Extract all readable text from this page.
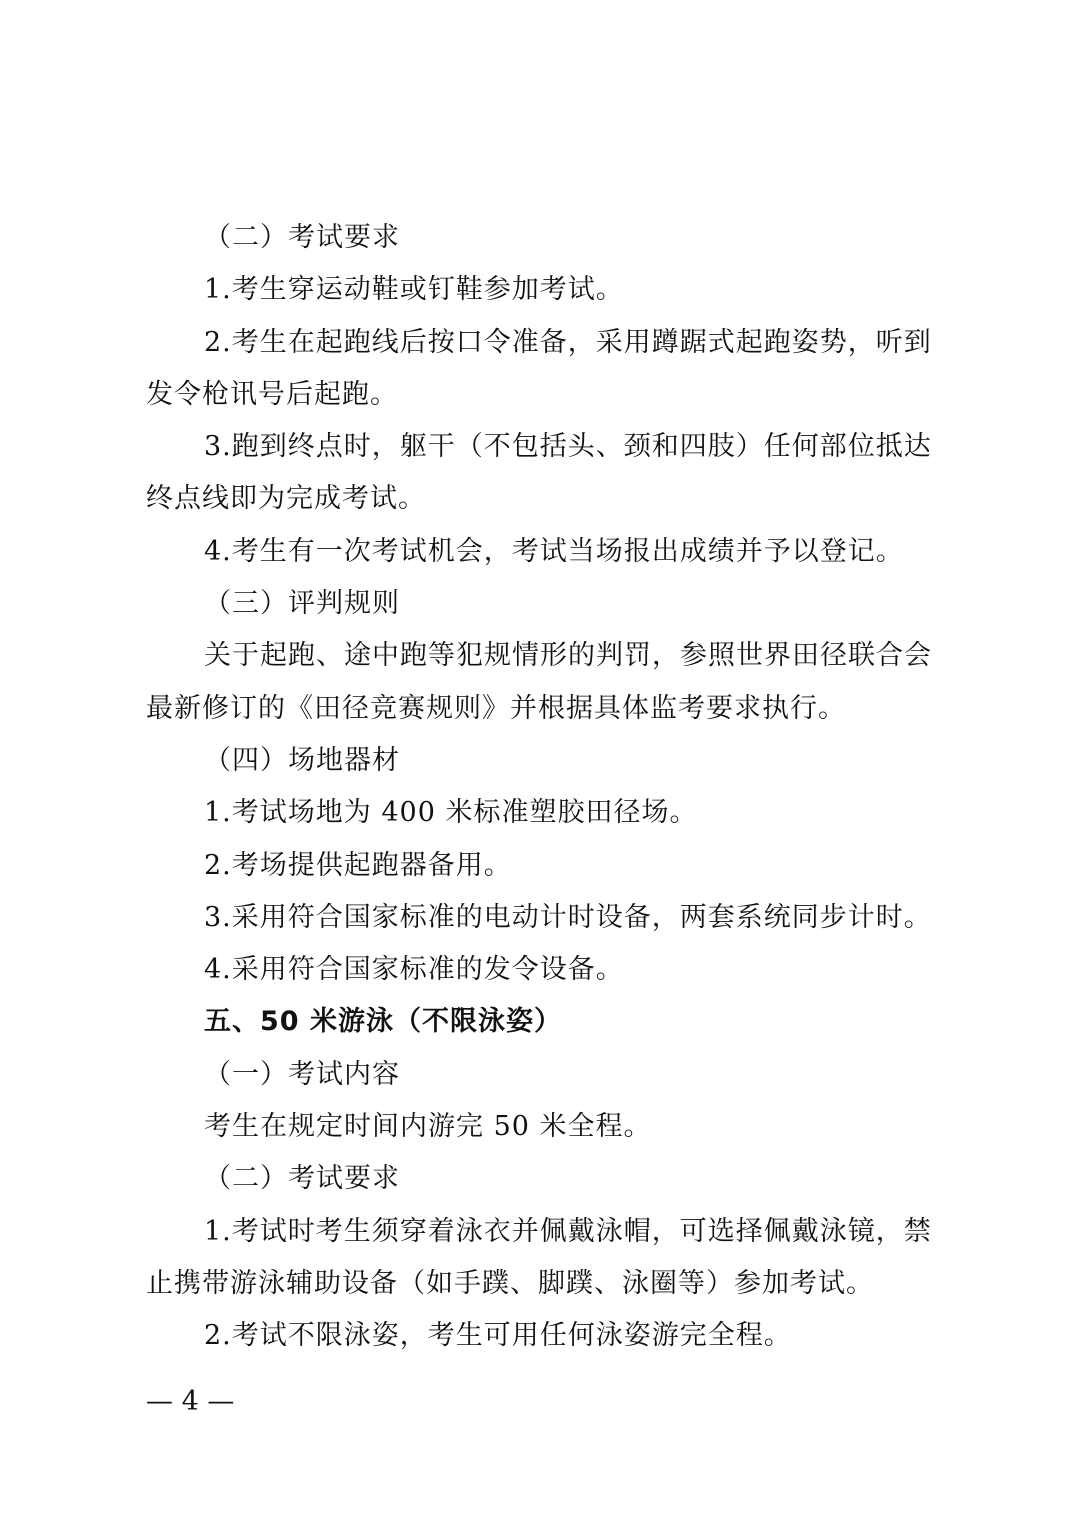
（二）考试要求

1.考生穿运动鞋或钉鞋参加考试。

2.考生在起跑线后按口令准备，采用蹲踞式起跑姿势，听到

发令枪讯号后起跑。

3.跑到终点时，躯干（不包括头、颈和四肢）任何部位抵达

终点线即为完成考试。

4.考生有一次考试机会，考试当场报出成绩并予以登记。

（三）评判规则

关于起跑、途中跑等犯规情形的判罚，参照世界田径联合会

最新修订的《田径竞赛规则》并根据具体监考要求执行。

（四）场地器材

1.考试场地为 400 米标准塑胶田径场。

2.考场提供起跑器备用。

3.采用符合国家标准的电动计时设备，两套系统同步计时。

4.采用符合国家标准的发令设备。

五、50 米游泳（不限泳姿）

（一）考试内容

考生在规定时间内游完 50 米全程。

（二）考试要求

1.考试时考生须穿着泳衣并佩戴泳帽，可选择佩戴泳镜，禁

止携带游泳辅助设备（如手蹼、脚蹼、泳圈等）参加考试。

2.考试不限泳姿，考生可用任何泳姿游完全程。

— 4 —
